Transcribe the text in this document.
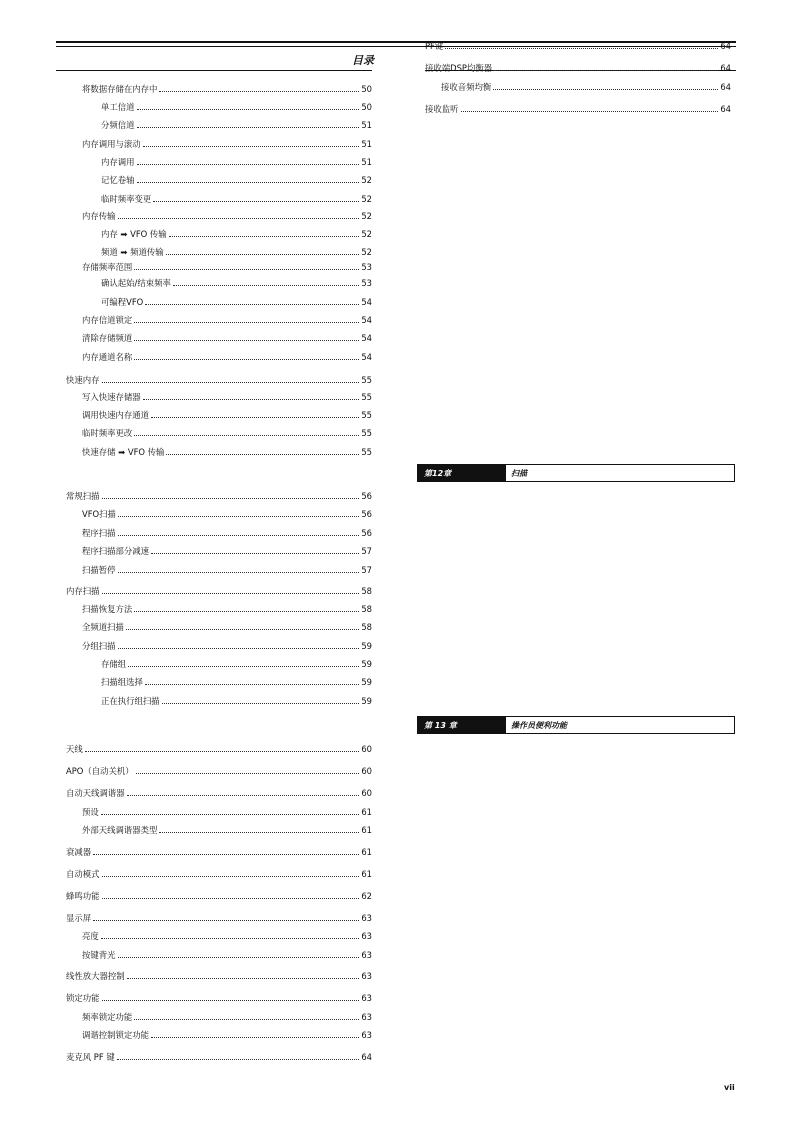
目录
将数据存储在内存中	50
单工信道	50
分频信道	51
内存调用与滚动	51
内存调用	51
记忆卷轴	52
临时频率变更	52
内存传输	52
内存 ➡ VFO 传输	52
频道 ➡ 频道传输	52
存储频率范围	53
确认起始/结束频率	53
可编程VFO	54
内存信道锁定	54
清除存储频道	54
内存通道名称	54
快速内存	55
写入快速存储器	55
调用快速内存通道	55
临时频率更改	55
快速存储 ➡ VFO 传输	55
常规扫描	56
VFO扫描	56
程序扫描	56
程序扫描部分减速	57
扫描暂停	57
内存扫描	58
扫描恢复方法	58
全频道扫描	58
分组扫描	59
存储组	59
扫描组选择	59
正在执行组扫描	59
天线	60
APO（自动关机）	60
自动天线调谐器	60
预设	61
外部天线调谐器类型	61
衰减器	61
自动模式	61
蜂鸣功能	62
显示屏	63
亮度	63
按键背光	63
线性放大器控制	63
锁定功能	63
频率锁定功能	63
调谐控制锁定功能	63
麦克风 PF 键	64
PF键	64
接收端DSP均衡器	64
接收音频均衡	64
接收监听	64
第12章	扫描
第 13 章	操作员便利功能
vii
